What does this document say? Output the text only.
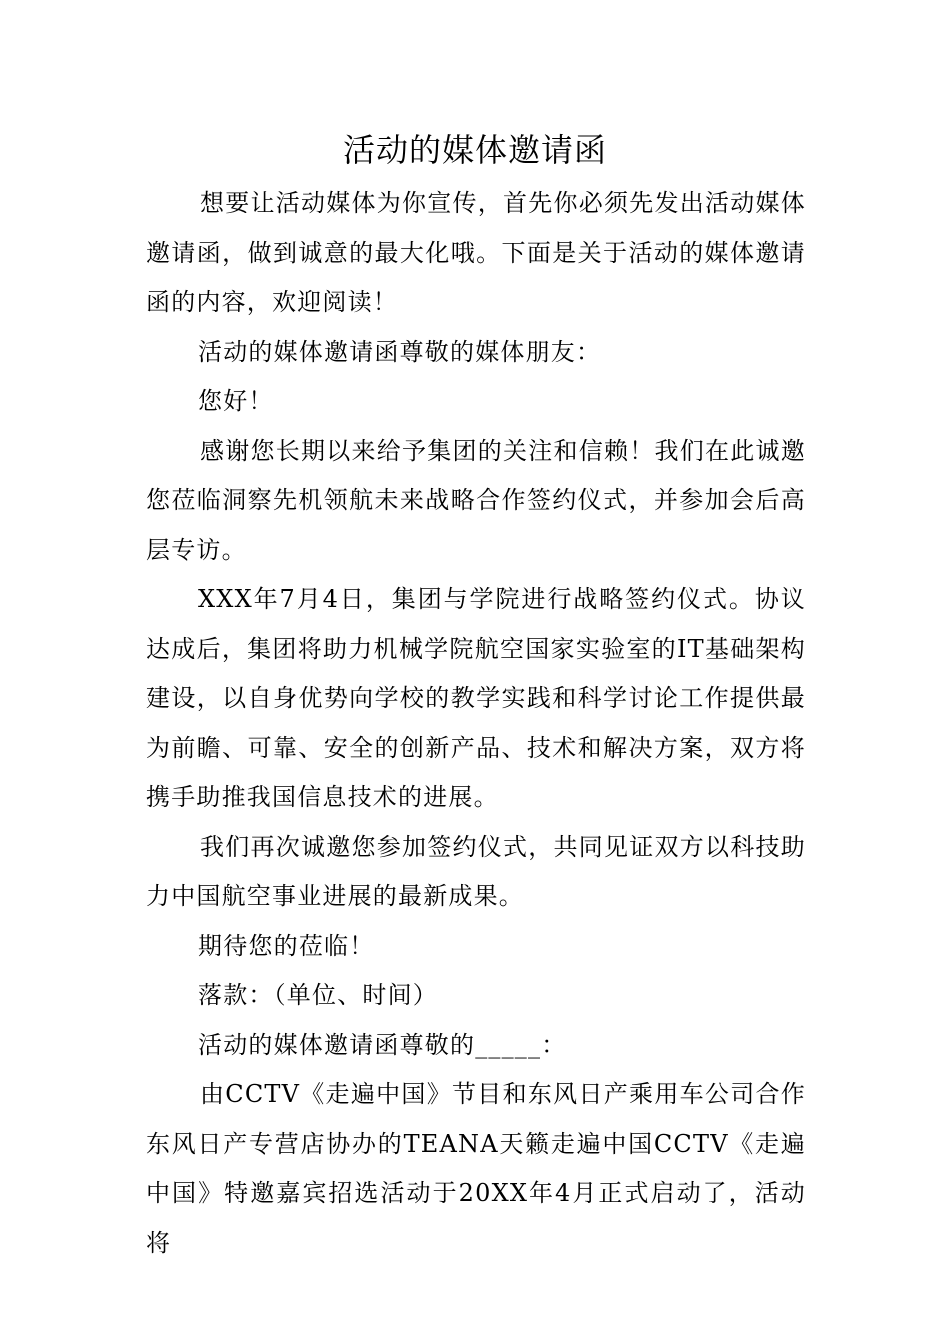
活动的媒体邀请函

想要让活动媒体为你宣传，首先你必须先发出活动媒体邀请函，做到诚意的最大化哦。下面是关于活动的媒体邀请函的内容，欢迎阅读！

活动的媒体邀请函尊敬的媒体朋友：

您好！

感谢您长期以来给予集团的关注和信赖！我们在此诚邀您莅临洞察先机领航未来战略合作签约仪式，并参加会后高层专访。

XXX年7月4日，集团与学院进行战略签约仪式。协议达成后，集团将助力机械学院航空国家实验室的IT基础架构建设，以自身优势向学校的教学实践和科学讨论工作提供最为前瞻、可靠、安全的创新产品、技术和解决方案，双方将携手助推我国信息技术的进展。

我们再次诚邀您参加签约仪式，共同见证双方以科技助力中国航空事业进展的最新成果。

期待您的莅临！

落款：（单位、时间）

活动的媒体邀请函尊敬的_____：

由CCTV《走遍中国》节目和东风日产乘用车公司合作东风日产专营店协办的TEANA天籁走遍中国CCTV《走遍中国》特邀嘉宾招选活动于20XX年4月正式启动了，活动将
